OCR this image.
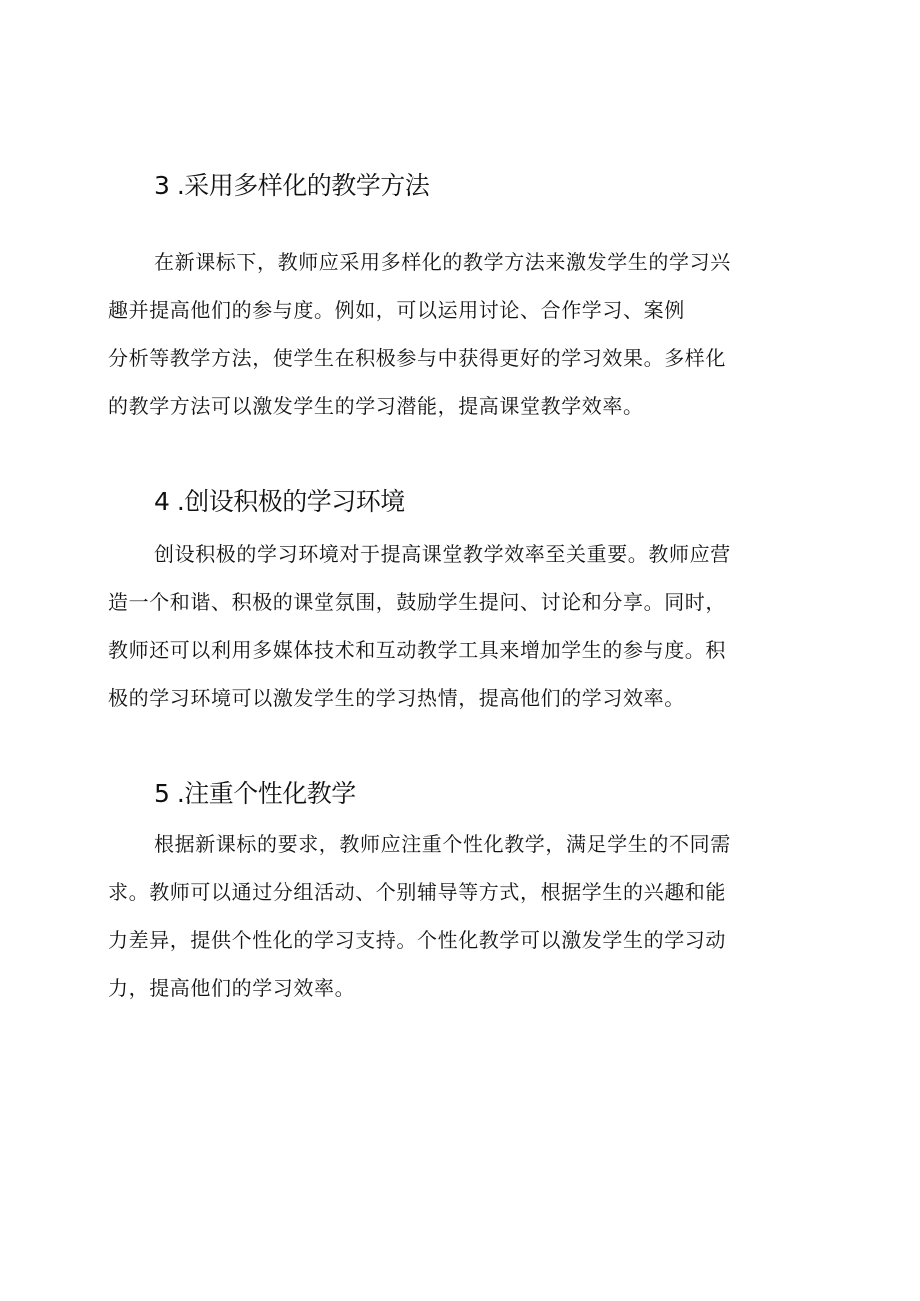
3 .采用多样化的教学方法
在新课标下，教师应采用多样化的教学方法来激发学生的学习兴
趣并提高他们的参与度。例如，可以运用讨论、合作学习、案例
分析等教学方法，使学生在积极参与中获得更好的学习效果。多样化
的教学方法可以激发学生的学习潜能，提高课堂教学效率。
4 .创设积极的学习环境
创设积极的学习环境对于提高课堂教学效率至关重要。教师应营
造一个和谐、积极的课堂氛围，鼓励学生提问、讨论和分享。同时，
教师还可以利用多媒体技术和互动教学工具来增加学生的参与度。积
极的学习环境可以激发学生的学习热情，提高他们的学习效率。
5 .注重个性化教学
根据新课标的要求，教师应注重个性化教学，满足学生的不同需
求。教师可以通过分组活动、个别辅导等方式，根据学生的兴趣和能
力差异，提供个性化的学习支持。个性化教学可以激发学生的学习动
力，提高他们的学习效率。
